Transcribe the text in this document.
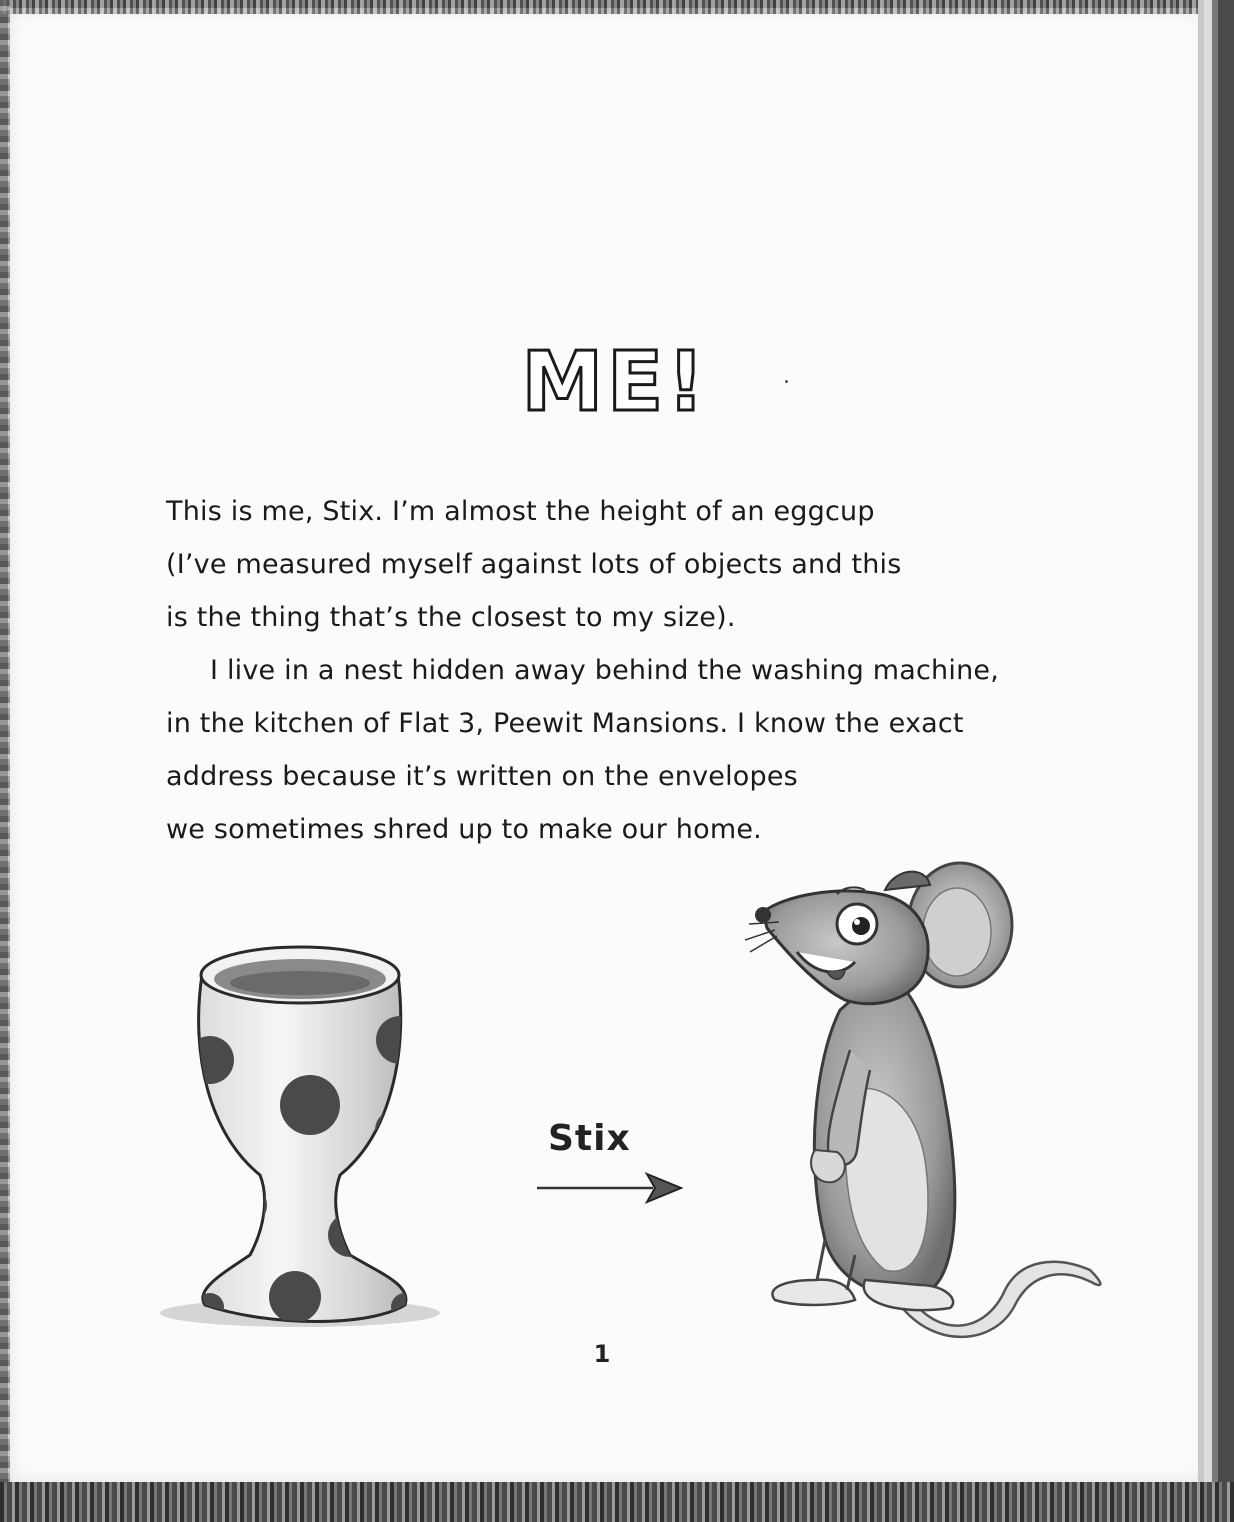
ME!
This is me, Stix. I’m almost the height of an eggcup
(I’ve measured myself against lots of objects and this
is the thing that’s the closest to my size).
I live in a nest hidden away behind the washing machine,
in the kitchen of Flat 3, Peewit Mansions. I know the exact
address because it’s written on the envelopes
we sometimes shred up to make our home.
Stix
1
